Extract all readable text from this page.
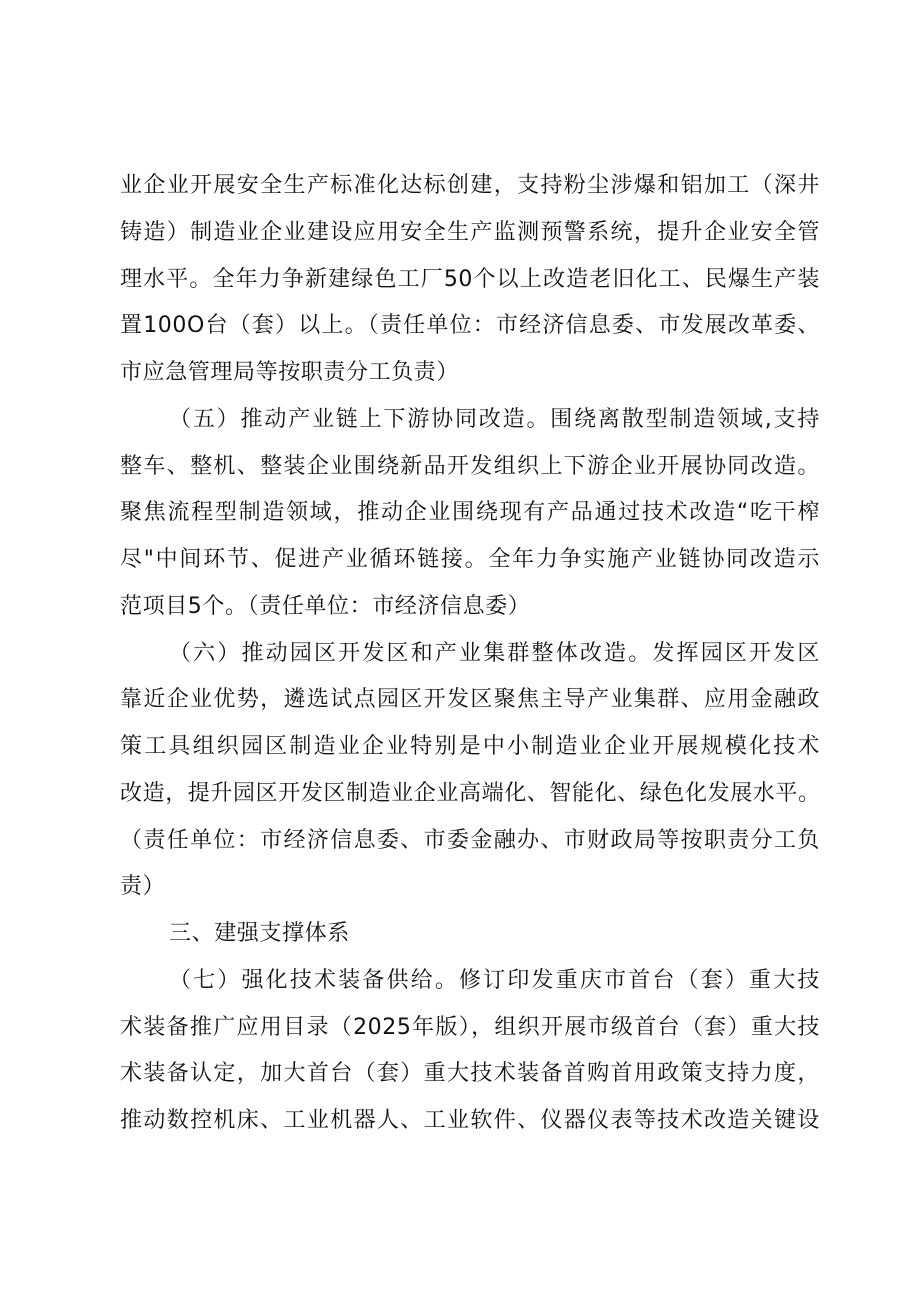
业企业开展安全生产标准化达标创建，支持粉尘涉爆和铝加工（深井
铸造）制造业企业建设应用安全生产监测预警系统，提升企业安全管
理水平。全年力争新建绿色工厂50个以上改造老旧化工、民爆生产装
置100O台（套）以上。（责任单位：市经济信息委、市发展改革委、
市应急管理局等按职责分工负责）
（五）推动产业链上下游协同改造。围绕离散型制造领域,支持
整车、整机、整装企业围绕新品开发组织上下游企业开展协同改造。
聚焦流程型制造领域，推动企业围绕现有产品通过技术改造“吃干榨
尽"中间环节、促进产业循环链接。全年力争实施产业链协同改造示
范项目5个。（责任单位：市经济信息委）
（六）推动园区开发区和产业集群整体改造。发挥园区开发区
靠近企业优势，遴选试点园区开发区聚焦主导产业集群、应用金融政
策工具组织园区制造业企业特别是中小制造业企业开展规模化技术
改造，提升园区开发区制造业企业高端化、智能化、绿色化发展水平。
（责任单位：市经济信息委、市委金融办、市财政局等按职责分工负
责）
三、建强支撑体系
（七）强化技术装备供给。修订印发重庆市首台（套）重大技
术装备推广应用目录（2025年版），组织开展市级首台（套）重大技
术装备认定，加大首台（套）重大技术装备首购首用政策支持力度，
推动数控机床、工业机器人、工业软件、仪器仪表等技术改造关键设
